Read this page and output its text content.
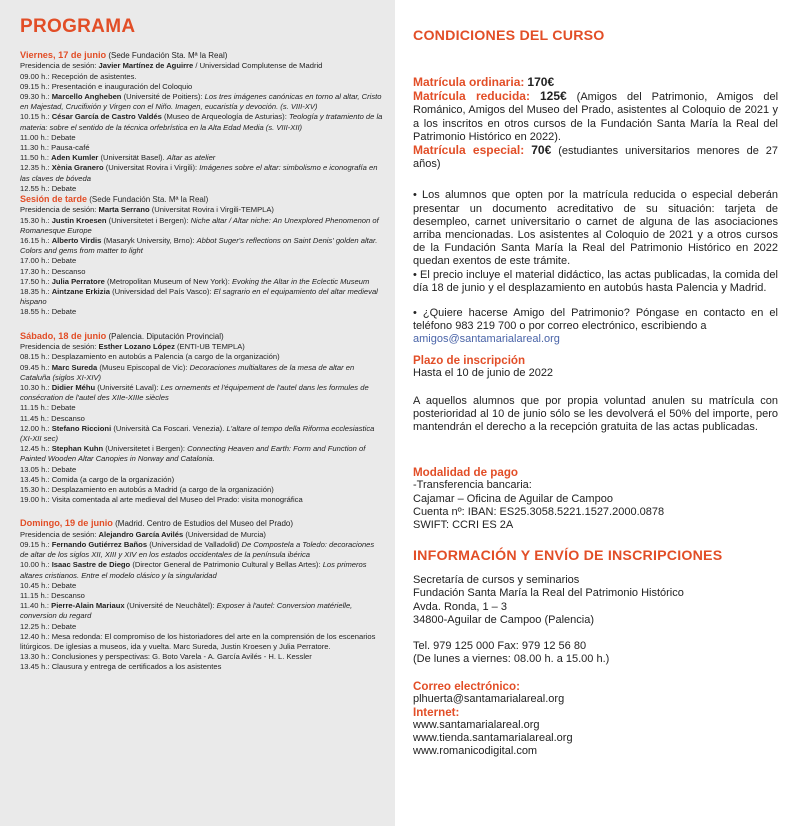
PROGRAMA
Viernes, 17 de junio (Sede Fundación Sta. Mª la Real)
Presidencia de sesión: Javier Martínez de Aguirre / Universidad Complutense de Madrid
09.00 h.: Recepción de asistentes.
09.15 h.: Presentación e inauguración del Coloquio
09.30 h.: Marcello Angheben (Université de Poitiers): Los tres imágenes canónicas en torno al altar, Cristo en Majestad, Crucifixión y Virgen con el Niño. Imagen, eucaristía y devoción. (s. VIII-XV)
10.15 h.: César García de Castro Valdés (Museo de Arqueología de Asturias): Teología y tratamiento de la materia: sobre el sentido de la técnica orfebrística en la Alta Edad Media (s. VIII-XII)
11.00 h.: Debate
11.30 h.: Pausa-café
11.50 h.: Aden Kumler (Universität Basel). Altar as atelier
12.35 h.: Xènia Granero (Universitat Rovira i Virgili): Imágenes sobre el altar: simbolismo e iconografía en las claves de bóveda
12.55 h.: Debate
Sesión de tarde (Sede Fundación Sta. Mª la Real)
Presidencia de sesión: Marta Serrano (Universitat Rovira i Virgili-TEMPLA)
15.30 h.: Justin Kroesen (Universitetet i Bergen): Niche altar / Altar niche: An Unexplored Phenomenon of Romanesque Europe
16.15 h.: Alberto Virdis (Masaryk University, Brno): Abbot Suger's reflections on Saint Denis' golden altar. Colors and gems from matter to light
17.00 h.: Debate
17.30 h.: Descanso
17.50 h.: Julia Perratore (Metropolitan Museum of New York): Evoking the Altar in the Eclectic Museum
18.35 h.: Aintzane Erkizia (Universidad del País Vasco): El sagrario en el equipamiento del altar medieval hispano
18.55 h.: Debate
Sábado, 18 de junio (Palencia. Diputación Provincial)
Presidencia de sesión: Esther Lozano López (ENTI-UB TEMPLA)
08.15 h.: Desplazamiento en autobús a Palencia (a cargo de la organización)
09.45 h.: Marc Sureda (Museu Episcopal de Vic): Decoraciones multialtares de la mesa de altar en Cataluña (siglos XI-XIV)
10.30 h.: Didier Méhu (Université Laval): Les ornements et l'équipement de l'autel dans les formules de consécration de l'autel des XIIe-XIIIe siècles
11.15 h.: Debate
11.45 h.: Descanso
12.00 h.: Stefano Riccioni (Università Ca Foscari. Venezia). L'altare ol tempo della Riforma ecclesiastica (XI-XII sec)
12.45 h.: Stephan Kuhn (Universitetet i Bergen): Connecting Heaven and Earth: Form and Function of Painted Wooden Altar Canopies in Norway and Catalonia.
13.05 h.: Debate
13.45 h.: Comida (a cargo de la organización)
15.30 h.: Desplazamiento en autobús a Madrid (a cargo de la organización)
19.00 h.: Visita comentada al arte medieval del Museo del Prado: visita monográfica
Domingo, 19 de junio (Madrid. Centro de Estudios del Museo del Prado)
Presidencia de sesión: Alejandro García Avilés (Universidad de Murcia)
09.15 h.: Fernando Gutiérrez Baños (Universidad de Valladolid) De Compostela a Toledo: decoraciones de altar de los siglos XII, XIII y XIV en los estados occidentales de la península ibérica
10.00 h.: Isaac Sastre de Diego (Director General de Patrimonio Cultural y Bellas Artes): Los primeros altares cristianos. Entre el modelo clásico y la singularidad
10.45 h.: Debate
11.15 h.: Descanso
11.40 h.: Pierre-Alain Mariaux (Université de Neuchâtel): Exposer à l'autel: Conversion matérielle, conversion du regard
12.25 h.: Debate
12.40 h.: Mesa redonda: El compromiso de los historiadores del arte en la comprensión de los escenarios litúrgicos. De iglesias a museos, ida y vuelta. Marc Sureda, Justin Kroesen y Julia Perratore.
13.30 h.: Conclusiones y perspectivas: G. Boto Varela - A. García Avilés - H. L. Kessler
13.45 h.: Clausura y entrega de certificados a los asistentes
CONDICIONES DEL CURSO

Matrícula ordinaria: 170€

Matrícula reducida: 125€ (Amigos del Patrimonio, Amigos del Románico, Amigos del Museo del Prado, asistentes al Coloquio de 2021 y a los inscritos en otros cursos de la Fundación Santa María la Real del Patrimonio Histórico en 2022).

Matrícula especial: 70€ (estudiantes universitarios menores de 27 años)

• Los alumnos que opten por la matrícula reducida o especial deberán presentar un documento acreditativo de su situación: tarjeta de desempleo, carnet universitario o carnet de alguna de las asociaciones arriba mencionadas. Los asistentes al Coloquio de 2021 y a otros cursos de la Fundación Santa María la Real del Patrimonio Histórico en 2022 quedan exentos de este trámite.

• El precio incluye el material didáctico, las actas publicadas, la comida del día 18 de junio y el desplazamiento en autobús hasta Palencia y Madrid.

• ¿Quiere hacerse Amigo del Patrimonio? Póngase en contacto en el teléfono 983 219 700 o por correo electrónico, escribiendo a
amigos@santamarialareal.org

Plazo de inscripción

Hasta el 10 de junio de 2022

A aquellos alumnos que por propia voluntad anulen su matrícula con posterioridad al 10 de junio sólo se les devolverá el 50% del importe, pero mantendrán el derecho a la recepción gratuita de las actas publicadas.

Modalidad de pago

-Transferencia bancaria:
Cajamar – Oficina de Aguilar de Campoo
Cuenta nº: IBAN: ES25.3058.5221.1527.2000.0878
SWIFT: CCRI ES 2A
INFORMACIÓN Y ENVÍO DE INSCRIPCIONES
Secretaría de cursos y seminarios
Fundación Santa María la Real del Patrimonio Histórico
Avda. Ronda, 1 – 3
34800-Aguilar de Campoo (Palencia)
Tel. 979 125 000 Fax: 979 12 56 80
(De lunes a viernes: 08.00 h. a 15.00 h.)

Correo electrónico:

plhuerta@santamarialareal.org

Internet:

www.santamarialareal.org
www.tienda.santamarialareal.org
www.romanicodigital.com
